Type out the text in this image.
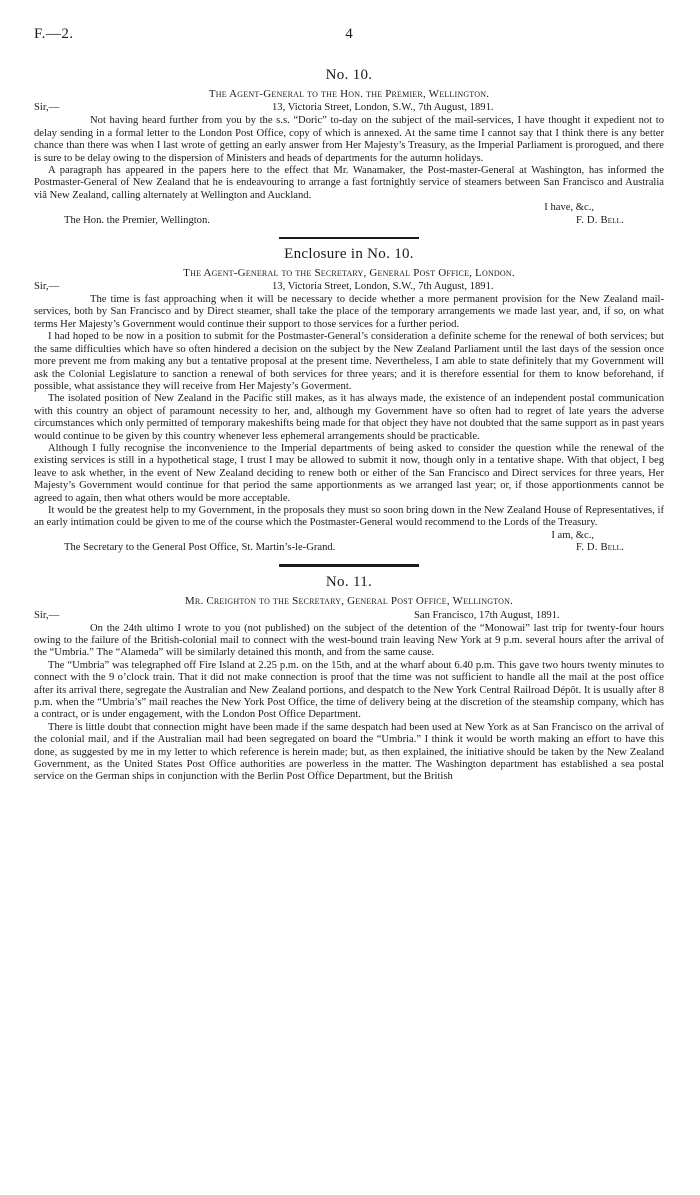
F.—2.	4
No. 10.
The Agent-General to the Hon. the Premier, Wellington.
Sir,—	13, Victoria Street, London, S.W., 7th August, 1891.

Not having heard further from you by the s.s. “Doric” to-day on the subject of the mail-services, I have thought it expedient not to delay sending in a formal letter to the London Post Office, copy of which is annexed. At the same time I cannot say that I think there is any better chance than there was when I last wrote of getting an early answer from Her Majesty’s Treasury, as the Imperial Parliament is prorogued, and there is sure to be delay owing to the dispersion of Ministers and heads of departments for the autumn holidays.

A paragraph has appeared in the papers here to the effect that Mr. Wanamaker, the Post-master-General at Washington, has informed the Postmaster-General of New Zealand that he is endeavouring to arrange a fast fortnightly service of steamers between San Francisco and Australia viâ New Zealand, calling alternately at Wellington and Auckland.

I have, &c.,
The Hon. the Premier, Wellington.	F. D. Bell.
Enclosure in No. 10.
The Agent-General to the Secretary, General Post Office, London.
Sir,—	13, Victoria Street, London, S.W., 7th August, 1891.

The time is fast approaching when it will be necessary to decide whether a more permanent provision for the New Zealand mail-services, both by San Francisco and by Direct steamer, shall take the place of the temporary arrangements we made last year, and, if so, on what terms Her Majesty’s Government would continue their support to those services for a further period.

I had hoped to be now in a position to submit for the Postmaster-General’s consideration a definite scheme for the renewal of both services; but the same difficulties which have so often hindered a decision on the subject by the New Zealand Parliament until the last days of the session once more prevent me from making any but a tentative proposal at the present time. Nevertheless, I am able to state definitely that my Government will ask the Colonial Legislature to sanction a renewal of both services for three years; and it is therefore essential for them to know beforehand, if possible, what assistance they will receive from Her Majesty’s Goverment.

The isolated position of New Zealand in the Pacific still makes, as it has always made, the existence of an independent postal communication with this country an object of paramount necessity to her, and, although my Government have so often had to regret of late years the adverse circumstances which only permitted of temporary makeshifts being made for that object they have not doubted that the same support as in past years would continue to be given by this country whenever less ephemeral arrangements should be practicable.

Although I fully recognise the inconvenience to the Imperial departments of being asked to consider the question while the renewal of the existing services is still in a hypothetical stage, I trust I may be allowed to submit it now, though only in a tentative shape. With that object, I beg leave to ask whether, in the event of New Zealand deciding to renew both or either of the San Francisco and Direct services for three years, Her Majesty’s Government would continue for that period the same apportionments as we arranged last year; or, if those apportionments cannot be agreed to again, then what others would be more acceptable.

It would be the greatest help to my Government, in the proposals they must so soon bring down in the New Zealand House of Representatives, if an early intimation could be given to me of the course which the Postmaster-General would recommend to the Lords of the Treasury.

I am, &c.,
The Secretary to the General Post Office, St. Martin’s-le-Grand.	F. D. Bell.
No. 11.
Mr. Creighton to the Secretary, General Post Office, Wellington.
Sir,—	San Francisco, 17th August, 1891.

On the 24th ultimo I wrote to you (not published) on the subject of the detention of the “Monowai” last trip for twenty-four hours owing to the failure of the British-colonial mail to connect with the west-bound train leaving New York at 9 p.m. several hours after the arrival of the “Umbria.” The “Alameda” will be similarly detained this month, and from the same cause.

The “Umbria” was telegraphed off Fire Island at 2.25 p.m. on the 15th, and at the wharf about 6.40 p.m. This gave two hours twenty minutes to connect with the 9 o’clock train. That it did not make connection is proof that the time was not sufficient to handle all the mail at the post office after its arrival there, segregate the Australian and New Zealand portions, and despatch to the New York Central Railroad Dépôt. It is usually after 8 p.m. when the “Umbria’s” mail reaches the New York Post Office, the time of delivery being at the discretion of the steamship company, which has a contract, or is under engagement, with the London Post Office Department.

There is little doubt that connection might have been made if the same despatch had been used at New York as at San Francisco on the arrival of the colonial mail, and if the Australian mail had been segregated on board the “Umbria.” I think it would be worth making an effort to have this done, as suggested by me in my letter to which reference is herein made; but, as then explained, the initiative should be taken by the New Zealand Government, as the United States Post Office authorities are powerless in the matter. The Washington department has established a sea postal service on the German ships in conjunction with the Berlin Post Office Department, but the British
